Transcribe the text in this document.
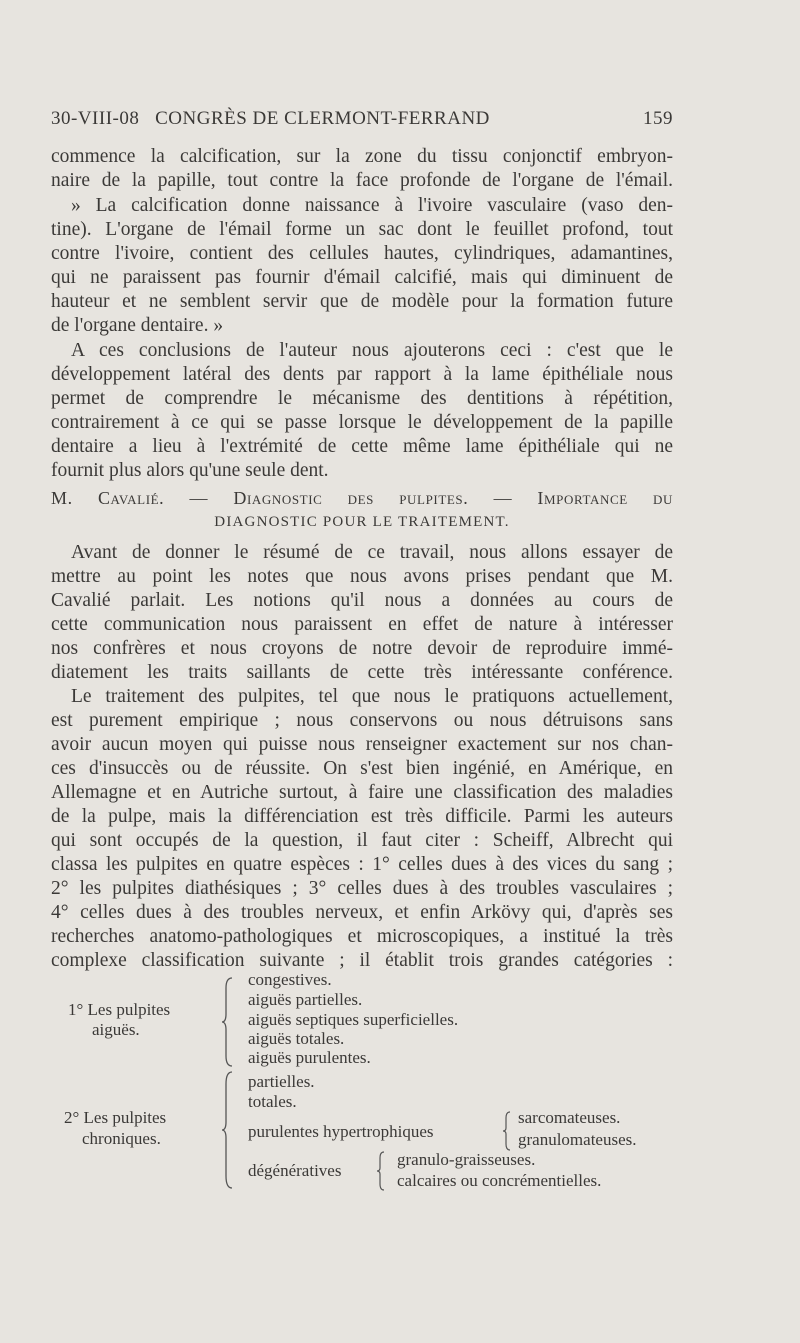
30-VIII-08 CONGRÈS DE CLERMONT-FERRAND	159
commence la calcification, sur la zone du tissu conjonctif embryon-
naire de la papille, tout contre la face profonde de l'organe de l'émail.
» La calcification donne naissance à l'ivoire vasculaire (vaso den-
tine). L'organe de l'émail forme un sac dont le feuillet profond, tout
contre l'ivoire, contient des cellules hautes, cylindriques, adamantines,
qui ne paraissent pas fournir d'émail calcifié, mais qui diminuent de
hauteur et ne semblent servir que de modèle pour la formation future
de l'organe dentaire. »
A ces conclusions de l'auteur nous ajouterons ceci : c'est que le
développement latéral des dents par rapport à la lame épithéliale nous
permet de comprendre le mécanisme des dentitions à répétition,
contrairement à ce qui se passe lorsque le développement de la papille
dentaire a lieu à l'extrémité de cette même lame épithéliale qui ne
fournit plus alors qu'une seule dent.
M. Cavalié. — Diagnostic des pulpites. — Importance du
DIAGNOSTIC POUR LE TRAITEMENT.
Avant de donner le résumé de ce travail, nous allons essayer de
mettre au point les notes que nous avons prises pendant que M.
Cavalié parlait. Les notions qu'il nous a données au cours de
cette communication nous paraissent en effet de nature à intéresser
nos confrères et nous croyons de notre devoir de reproduire immé-
diatement les traits saillants de cette très intéressante conférence.
Le traitement des pulpites, tel que nous le pratiquons actuellement,
est purement empirique ; nous conservons ou nous détruisons sans
avoir aucun moyen qui puisse nous renseigner exactement sur nos chan-
ces d'insuccès ou de réussite. On s'est bien ingénié, en Amérique, en
Allemagne et en Autriche surtout, à faire une classification des maladies
de la pulpe, mais la différenciation est très difficile. Parmi les auteurs
qui sont occupés de la question, il faut citer : Scheiff, Albrecht qui
classa les pulpites en quatre espèces : 1° celles dues à des vices du sang ;
2° les pulpites diathésiques ; 3° celles dues à des troubles vasculaires ;
4° celles dues à des troubles nerveux, et enfin Arkövy qui, d'après ses
recherches anatomo-pathologiques et microscopiques, a institué la très
complexe classification suivante ; il établit trois grandes catégories :
1° Les pulpites
aiguës.
congestives.
aiguës partielles.
aiguës septiques superficielles.
aiguës totales.
aiguës purulentes.
2° Les pulpites
chroniques.
partielles.
totales.
purulentes hypertrophiques
sarcomateuses.
granulomateuses.
dégénératives
granulo-graisseuses.
calcaires ou concrémentielles.
